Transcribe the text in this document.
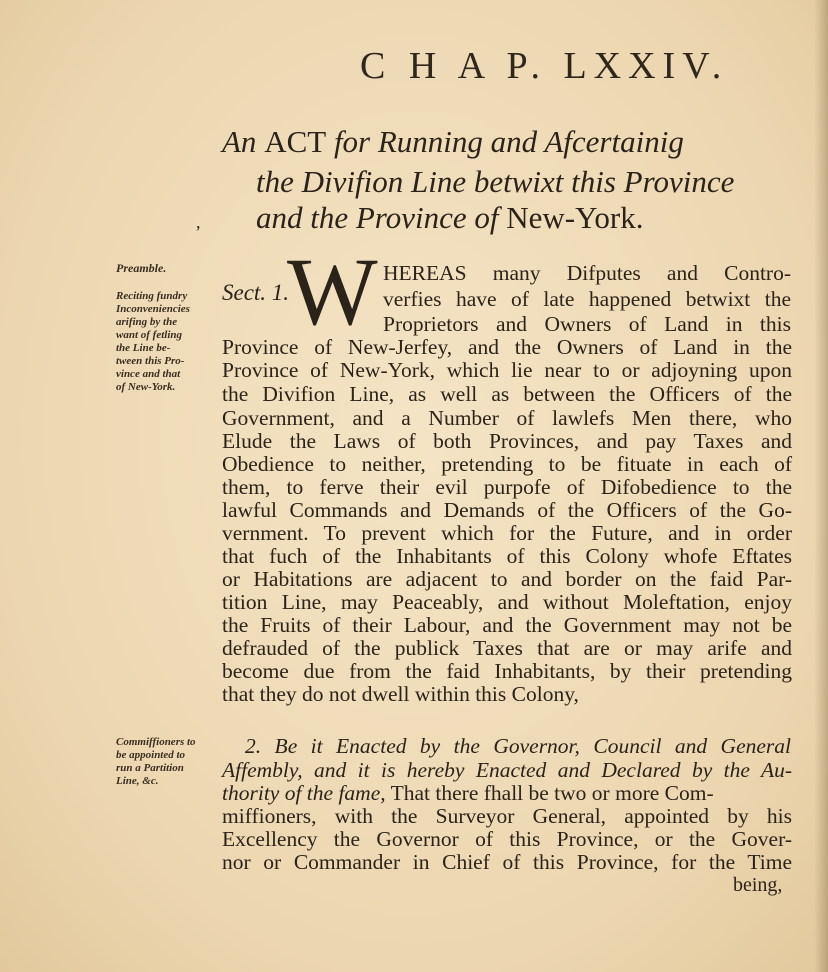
C H A P. LXXIV.
An ACT for Running and Afcertainig
the Divifion Line betwixt this Province
and the Province of New-York.
,
Preamble.
Reciting fundry
Inconveniencies
arifing by the
want of fetling
the Line be-
tween this Pro-
vince and that
of New-York.
Commiffioners to
be appointed to
run a Partition
Line, &c.
Sect. 1.
W HEREAS many Difputes and Contro-
verfies have of late happened betwixt the
Proprietors and Owners of Land in this
Province of New-Jerfey, and the Owners of Land in the
Province of New-York, which lie near to or adjoyning upon
the Divifion Line, as well as between the Officers of the
Government, and a Number of lawlefs Men there, who
Elude the Laws of both Provinces, and pay Taxes and
Obedience to neither, pretending to be fituate in each of
them, to ferve their evil purpofe of Difobedience to the
lawful Commands and Demands of the Officers of the Go-
vernment. To prevent which for the Future, and in order
that fuch of the Inhabitants of this Colony whofe Eftates
or Habitations are adjacent to and border on the faid Par-
tition Line, may Peaceably, and without Moleftation, enjoy
the Fruits of their Labour, and the Government may not be
defrauded of the publick Taxes that are or may arife and
become due from the faid Inhabitants, by their pretending
that they do not dwell within this Colony,
2. Be it Enacted by the Governor, Council and General
Affembly, and it is hereby Enacted and Declared by the Au-
thority of the fame, That there fhall be two or more Com-
miffioners, with the Surveyor General, appointed by his
Excellency the Governor of this Province, or the Gover-
nor or Commander in Chief of this Province, for the Time
being,
